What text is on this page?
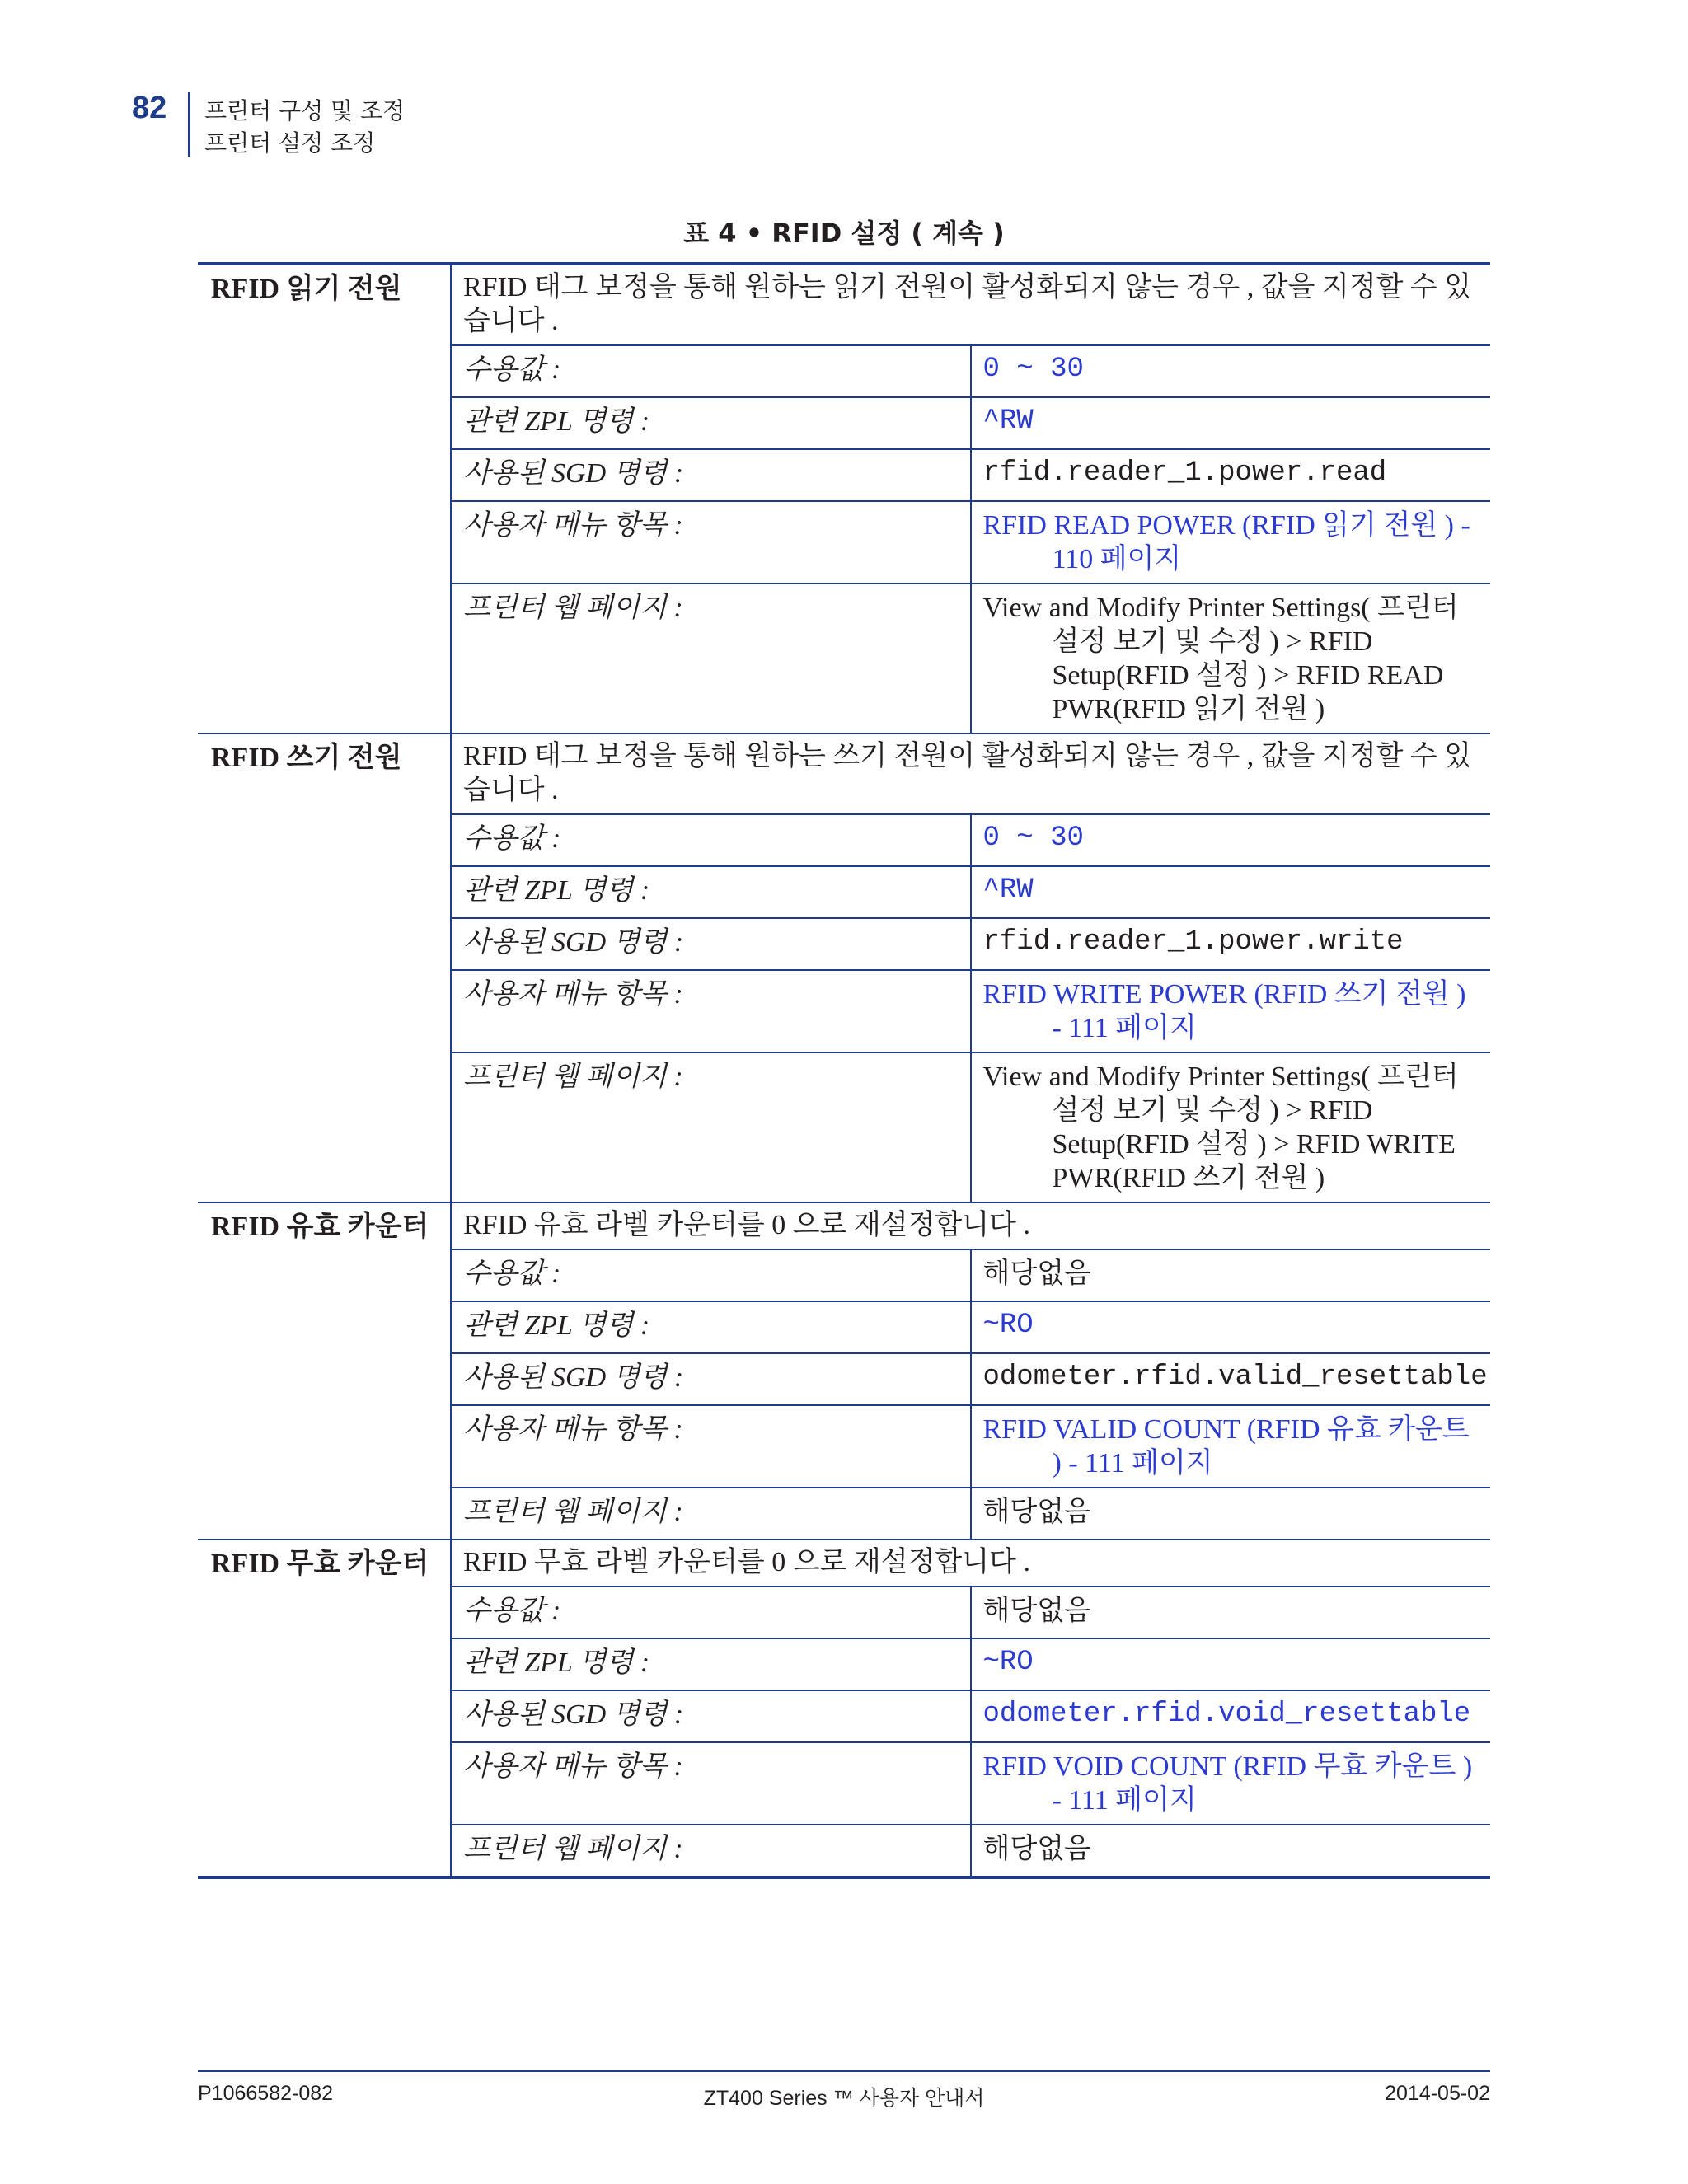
82 프린터 구성 및 조정
프린터 설정 조정
표 4 • RFID 설정 ( 계속 )
RFID 읽기 전원	RFID 태그 보정을 통해 원하는 읽기 전원이 활성화되지 않는 경우 , 값을 지정할 수 있습니다 .	
	수용값 :	0 ~ 30
	관련 ZPL 명령 :	^RW
	사용된 SGD 명령 :	rfid.reader_1.power.read
	사용자 메뉴 항목 :	RFID READ POWER (RFID 읽기 전원 ) - 110 페이지

	프린터 웹 페이지 :	View and Modify Printer Settings( 프린터 설정 보기 및 수정 ) > RFID Setup(RFID 설정 ) > RFID READ PWR(RFID 읽기 전원 )

RFID 쓰기 전원	RFID 태그 보정을 통해 원하는 쓰기 전원이 활성화되지 않는 경우 , 값을 지정할 수 있습니다 .	
	수용값 :	0 ~ 30
	관련 ZPL 명령 :	^RW
	사용된 SGD 명령 :	rfid.reader_1.power.write
	사용자 메뉴 항목 :	RFID WRITE POWER (RFID 쓰기 전원 ) - 111 페이지

	프린터 웹 페이지 :	View and Modify Printer Settings( 프린터 설정 보기 및 수정 ) > RFID Setup(RFID 설정 ) > RFID WRITE PWR(RFID 쓰기 전원 )

RFID 유효 카운터	RFID 유효 라벨 카운터를 0 으로 재설정합니다 .	
	수용값 :	해당없음
	관련 ZPL 명령 :	~RO
	사용된 SGD 명령 :	odometer.rfid.valid_resettable
	사용자 메뉴 항목 :	RFID VALID COUNT (RFID 유효 카운트 ) - 111 페이지

	프린터 웹 페이지 :	해당없음
RFID 무효 카운터	RFID 무효 라벨 카운터를 0 으로 재설정합니다 .	
	수용값 :	해당없음
	관련 ZPL 명령 :	~RO
	사용된 SGD 명령 :	odometer.rfid.void_resettable
	사용자 메뉴 항목 :	RFID VOID COUNT (RFID 무효 카운트 ) - 111 페이지

	프린터 웹 페이지 :	해당없음
P1066582-082	ZT400 Series ™ 사용자 안내서	2014-05-02
